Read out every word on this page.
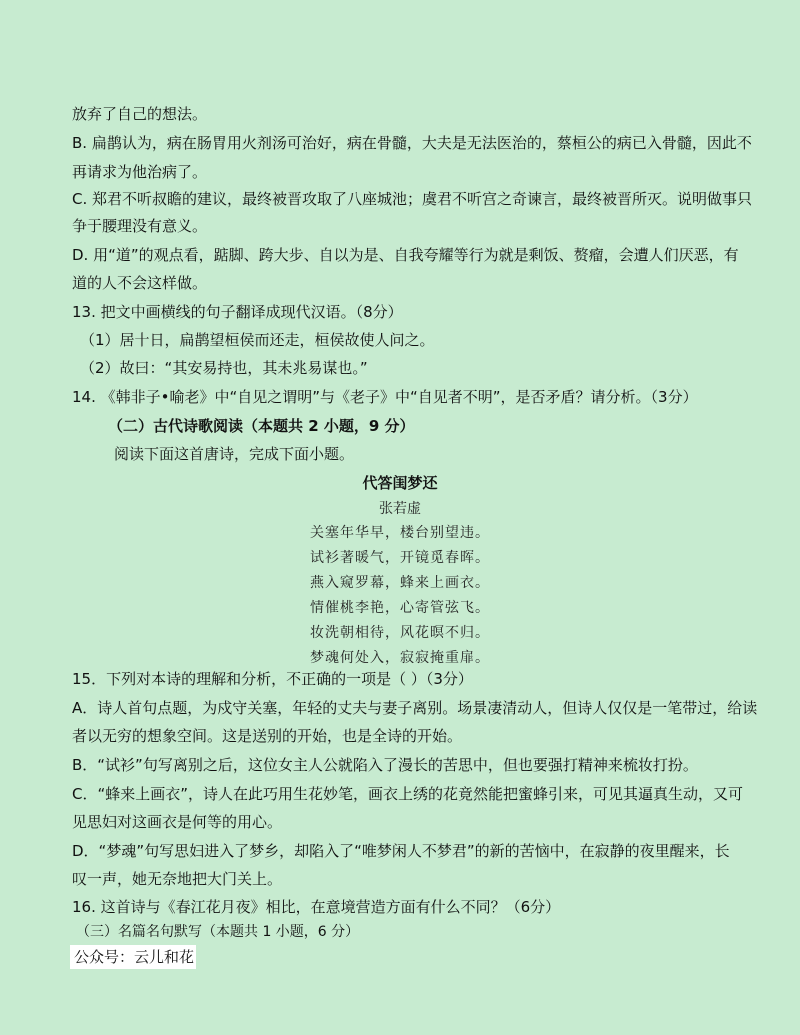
放弃了自己的想法。
B. 扁鹊认为，病在肠胃用火剂汤可治好，病在骨髓，大夫是无法医治的，蔡桓公的病已入骨髓，因此不
再请求为他治病了。
C. 郑君不听叔瞻的建议，最终被晋攻取了八座城池；虞君不听宫之奇谏言，最终被晋所灭。说明做事只
争于腰理没有意义。
D. 用“道”的观点看，踮脚、跨大步、自以为是、自我夸耀等行为就是剩饭、赘瘤，会遭人们厌恶，有
道的人不会这样做。
13. 把文中画横线的句子翻译成现代汉语。（8分）
（1）居十日，扁鹊望桓侯而还走，桓侯故使人问之。
（2）故曰：“其安易持也，其未兆易谋也。”
14. 《韩非子•喻老》中“自见之谓明”与《老子》中“自见者不明”，是否矛盾？请分析。（3分）
（二）古代诗歌阅读（本题共 2 小题，9 分）
阅读下面这首唐诗，完成下面小题。
代答闺梦还
张若虚
关塞年华早，楼台别望违。
试衫著暖气，开镜觅春晖。
燕入窥罗幕，蜂来上画衣。
情催桃李艳，心寄管弦飞。
妆洗朝相待，风花暝不归。
梦魂何处入，寂寂掩重扉。
15．下列对本诗的理解和分析，不正确的一项是（ ）（3分）
A．诗人首句点题，为戍守关塞，年轻的丈夫与妻子离别。场景凄清动人，但诗人仅仅是一笔带过，给读
者以无穷的想象空间。这是送别的开始，也是全诗的开始。
B．“试衫”句写离别之后，这位女主人公就陷入了漫长的苦思中，但也要强打精神来梳妆打扮。
C．“蜂来上画衣”，诗人在此巧用生花妙笔，画衣上绣的花竟然能把蜜蜂引来，可见其逼真生动，又可
见思妇对这画衣是何等的用心。
D．“梦魂”句写思妇进入了梦乡，却陷入了“唯梦闲人不梦君”的新的苦恼中，在寂静的夜里醒来，长
叹一声，她无奈地把大门关上。
16. 这首诗与《春江花月夜》相比，在意境营造方面有什么不同？（6分）
（三）名篇名句默写（本题共 1 小题，6 分）
公众号：云儿和花
